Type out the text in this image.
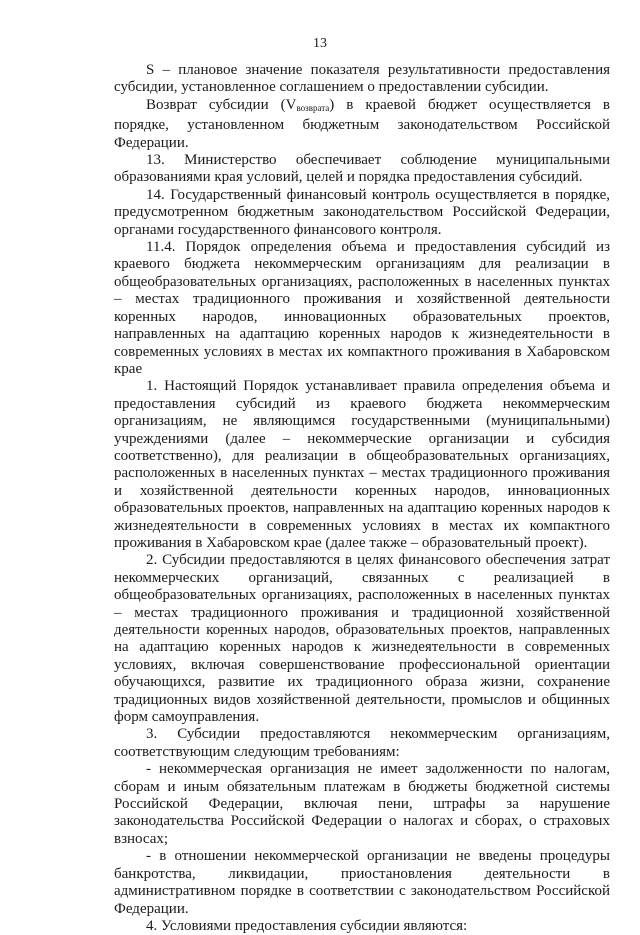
13

S – плановое значение показателя результативности предоставления субсидии, установленное соглашением о предоставлении субсидии.

Возврат субсидии $(V_{возврата})$ в краевой бюджет осуществляется в порядке, установленном бюджетным законодательством Российской Федерации.

13. Министерство обеспечивает соблюдение муниципальными образованиями края условий, целей и порядка предоставления субсидий.

14. Государственный финансовый контроль осуществляется в порядке, предусмотренном бюджетным законодательством Российской Федерации, органами государственного финансового контроля.

11.4. Порядок определения объема и предоставления субсидий из краевого бюджета некоммерческим организациям для реализации в общеобразовательных организациях, расположенных в населенных пунктах – местах традиционного проживания и хозяйственной деятельности коренных народов, инновационных образовательных проектов, направленных на адаптацию коренных народов к жизнедеятельности в современных условиях в местах их компактного проживания в Хабаровском крае

1. Настоящий Порядок устанавливает правила определения объема и предоставления субсидий из краевого бюджета некоммерческим организациям, не являющимся государственными (муниципальными) учреждениями (далее – некоммерческие организации и субсидия соответственно), для реализации в общеобразовательных организациях, расположенных в населенных пунктах – местах традиционного проживания и хозяйственной деятельности коренных народов, инновационных образовательных проектов, направленных на адаптацию коренных народов к жизнедеятельности в современных условиях в местах их компактного проживания в Хабаровском крае (далее также – образовательный проект).

2. Субсидии предоставляются в целях финансового обеспечения затрат некоммерческих организаций, связанных с реализацией в общеобразовательных организациях, расположенных в населенных пунктах – местах традиционного проживания и традиционной хозяйственной деятельности коренных народов, образовательных проектов, направленных на адаптацию коренных народов к жизнедеятельности в современных условиях, включая совершенствование профессиональной ориентации обучающихся, развитие их традиционного образа жизни, сохранение традиционных видов хозяйственной деятельности, промыслов и общинных форм самоуправления.

3. Субсидии предоставляются некоммерческим организациям, соответствующим следующим требованиям:

- некоммерческая организация не имеет задолженности по налогам, сборам и иным обязательным платежам в бюджеты бюджетной системы Российской Федерации, включая пени, штрафы за нарушение законодательства Российской Федерации о налогах и сборах, о страховых взносах;

- в отношении некоммерческой организации не введены процедуры банкротства, ликвидации, приостановления деятельности в административном порядке в соответствии с законодательством Российской Федерации.

4. Условиями предоставления субсидии являются:
